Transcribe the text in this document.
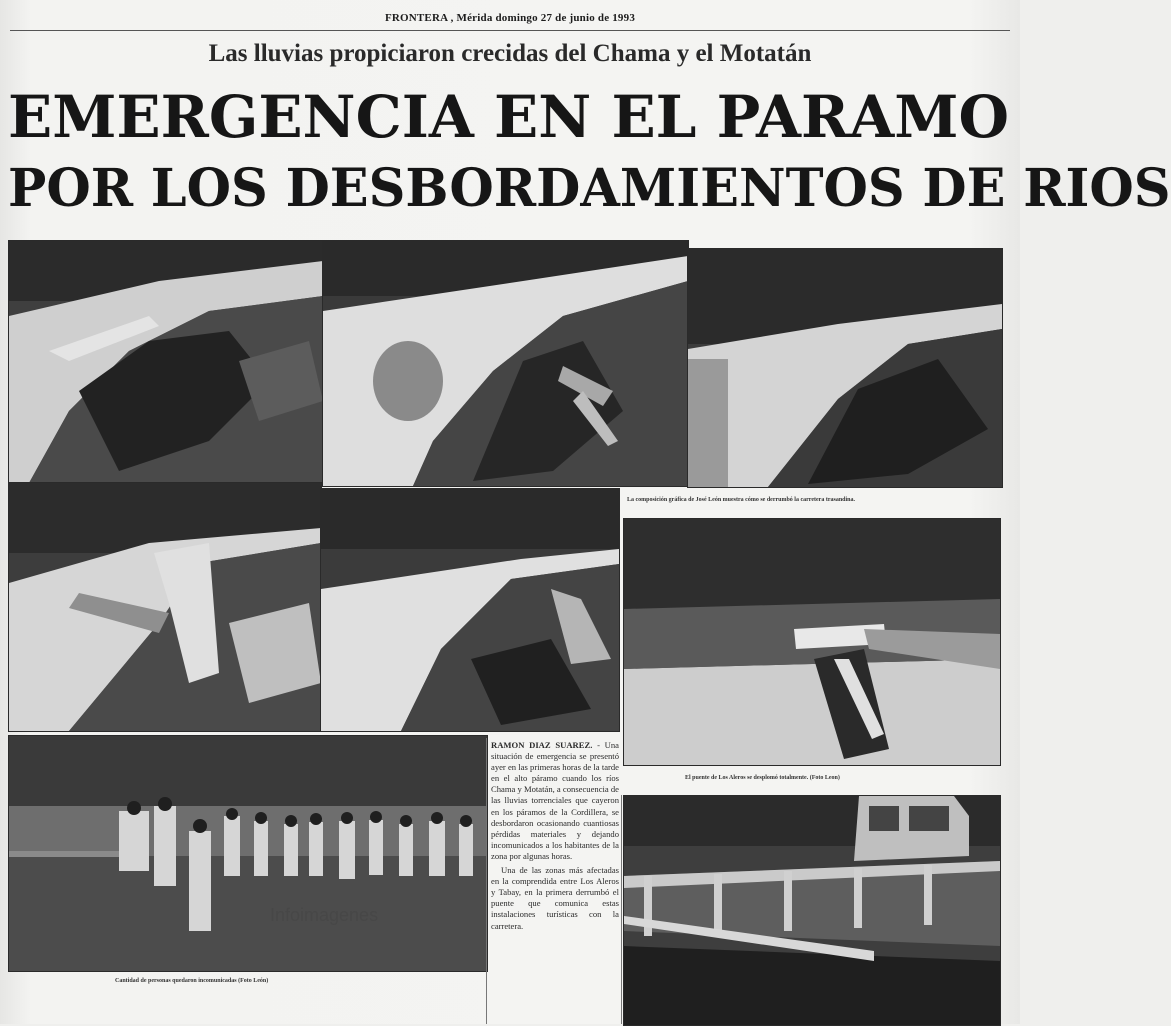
FRONTERA , Mérida domingo 27 de junio de 1993
Las lluvias propiciaron crecidas del Chama y el Motatán
EMERGENCIA EN EL PARAMO
POR LOS DESBORDAMIENTOS DE RIOS
La composición gráfica de José León muestra cómo se derrumbó la carretera trasandina.
El puente de Los Aleros se desplomó totalmente. (Foto Leon)
Infoimagenes
Cantidad de personas quedaron incomunicadas (Foto León)

RAMON DIAZ SUAREZ. - Una situación de emergencia se presentó ayer en las primeras horas de la tarde en el alto páramo cuando los ríos Chama y Motatán, a consecuencia de las lluvias torrenciales que cayeron en los páramos de la Cordillera, se desbordaron ocasionando cuantiosas pérdidas materiales y dejando incomunicados a los habitantes de la zona por algunas horas.

Una de las zonas más afectadas en la comprendida entre Los Aleros y Tabay, en la primera derrumbó el puente que comunica estas instalaciones turísticas con la carretera.
